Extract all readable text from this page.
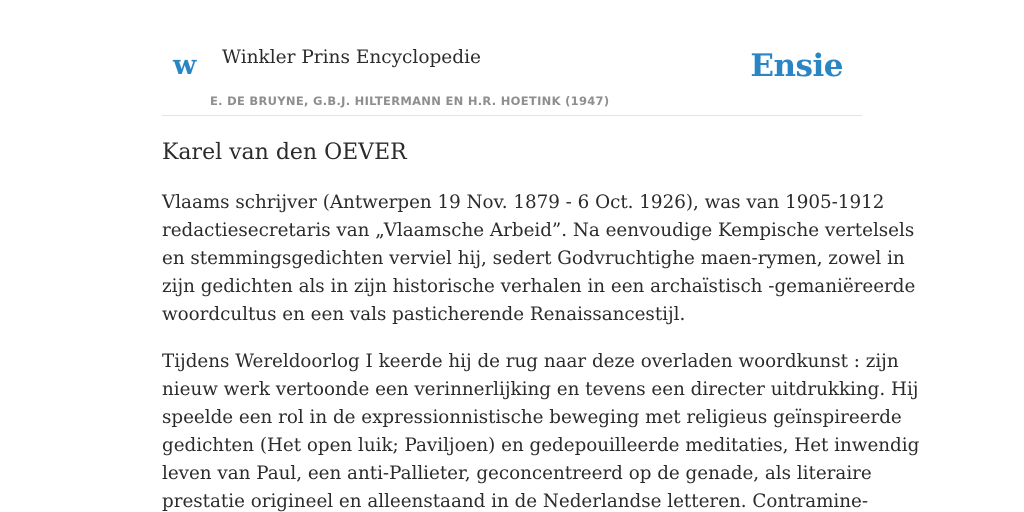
w Winkler Prins Encyclopedie
E. DE BRUYNE, G.B.J. HILTERMANN EN H.R. HOETINK (1947)
Ensie
Karel van den OEVER

Vlaams schrijver (Antwerpen 19 Nov. 1879 - 6 Oct. 1926), was van 1905-1912
redactiesecretaris van „Vlaamsche Arbeid”. Na eenvoudige Kempische vertelsels
en stemmingsgedichten verviel hij, sedert Godvruchtighe maen-rymen, zowel in
zijn gedichten als in zijn historische verhalen in een archaïstisch -gemaniëreerde
woordcultus en een vals pasticherende Renaissancestijl.

Tijdens Wereldoorlog I keerde hij de rug naar deze overladen woordkunst : zijn
nieuw werk vertoonde een verinnerlijking en tevens een directer uitdrukking. Hij
speelde een rol in de expressionnistische beweging met religieus geïnspireerde
gedichten (Het open luik; Paviljoen) en gedepouilleerde meditaties, Het inwendig
leven van Paul, een anti-Pallieter, geconcentreerd op de genade, als literaire
prestatie origineel en alleenstaand in de Nederlandse letteren. Contramine-
